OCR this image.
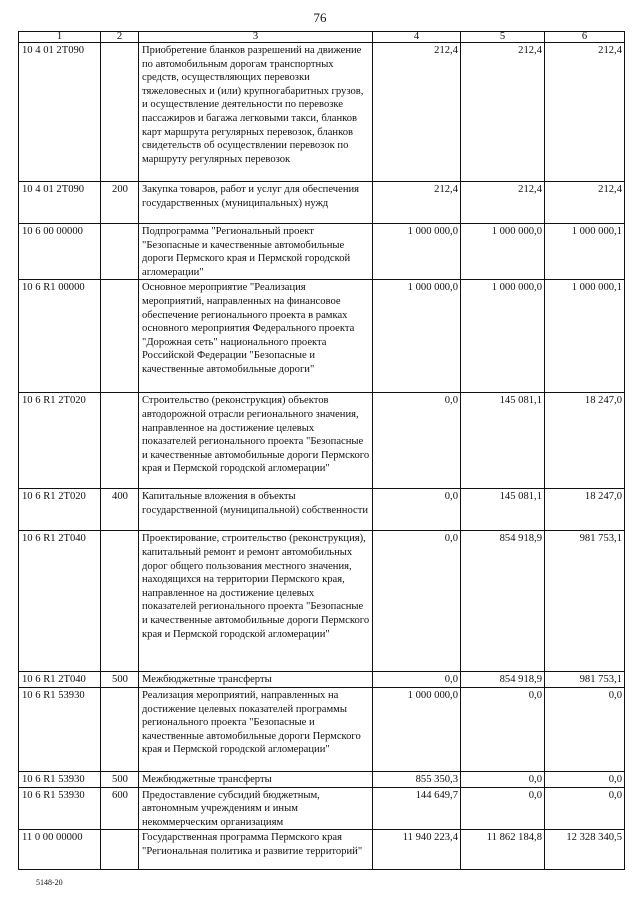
76
1	2	3	4	5	6
10 4 01 2Т090		Приобретение бланков разрешений на движение по автомобильным дорогам транспортных средств, осуществляющих перевозки тяжеловесных и (или) крупногабаритных грузов, и осуществление деятельности по перевозке пассажиров и багажа легковыми такси, бланков карт маршрута регулярных перевозок, бланков свидетельств об осуществлении перевозок по маршруту регулярных перевозок	212,4	212,4	212,4
10 4 01 2Т090	200	Закупка товаров, работ и услуг для обеспечения государственных (муниципальных) нужд	212,4	212,4	212,4
10 6 00 00000		Подпрограмма "Региональный проект "Безопасные и качественные автомобильные дороги Пермского края и Пермской городской агломерации"	1 000 000,0	1 000 000,0	1 000 000,1
10 6 R1 00000		Основное мероприятие "Реализация мероприятий, направленных на финансовое обеспечение регионального проекта в рамках основного мероприятия Федерального проекта "Дорожная сеть" национального проекта Российской Федерации "Безопасные и качественные автомобильные дороги"	1 000 000,0	1 000 000,0	1 000 000,1
10 6 R1 2Т020		Строительство (реконструкция) объектов автодорожной отрасли регионального значения, направленное на достижение целевых показателей регионального проекта "Безопасные и качественные автомобильные дороги Пермского края и Пермской городской агломерации"	0,0	145 081,1	18 247,0
10 6 R1 2Т020	400	Капитальные вложения в объекты государственной (муниципальной) собственности	0,0	145 081,1	18 247,0
10 6 R1 2Т040		Проектирование, строительство (реконструкция), капитальный ремонт и ремонт автомобильных дорог общего пользования местного значения, находящихся на территории Пермского края, направленное на достижение целевых показателей регионального проекта "Безопасные и качественные автомобильные дороги Пермского края и Пермской городской агломерации"	0,0	854 918,9	981 753,1
10 6 R1 2Т040	500	Межбюджетные трансферты	0,0	854 918,9	981 753,1
10 6 R1 53930		Реализация мероприятий, направленных на достижение целевых показателей программы регионального проекта "Безопасные и качественные автомобильные дороги Пермского края и Пермской городской агломерации"	1 000 000,0	0,0	0,0
10 6 R1 53930	500	Межбюджетные трансферты	855 350,3	0,0	0,0
10 6 R1 53930	600	Предоставление субсидий бюджетным, автономным учреждениям и иным некоммерческим организациям	144 649,7	0,0	0,0
11 0 00 00000		Государственная программа Пермского края "Региональная политика и развитие территорий"	11 940 223,4	11 862 184,8	12 328 340,5
5148-20
